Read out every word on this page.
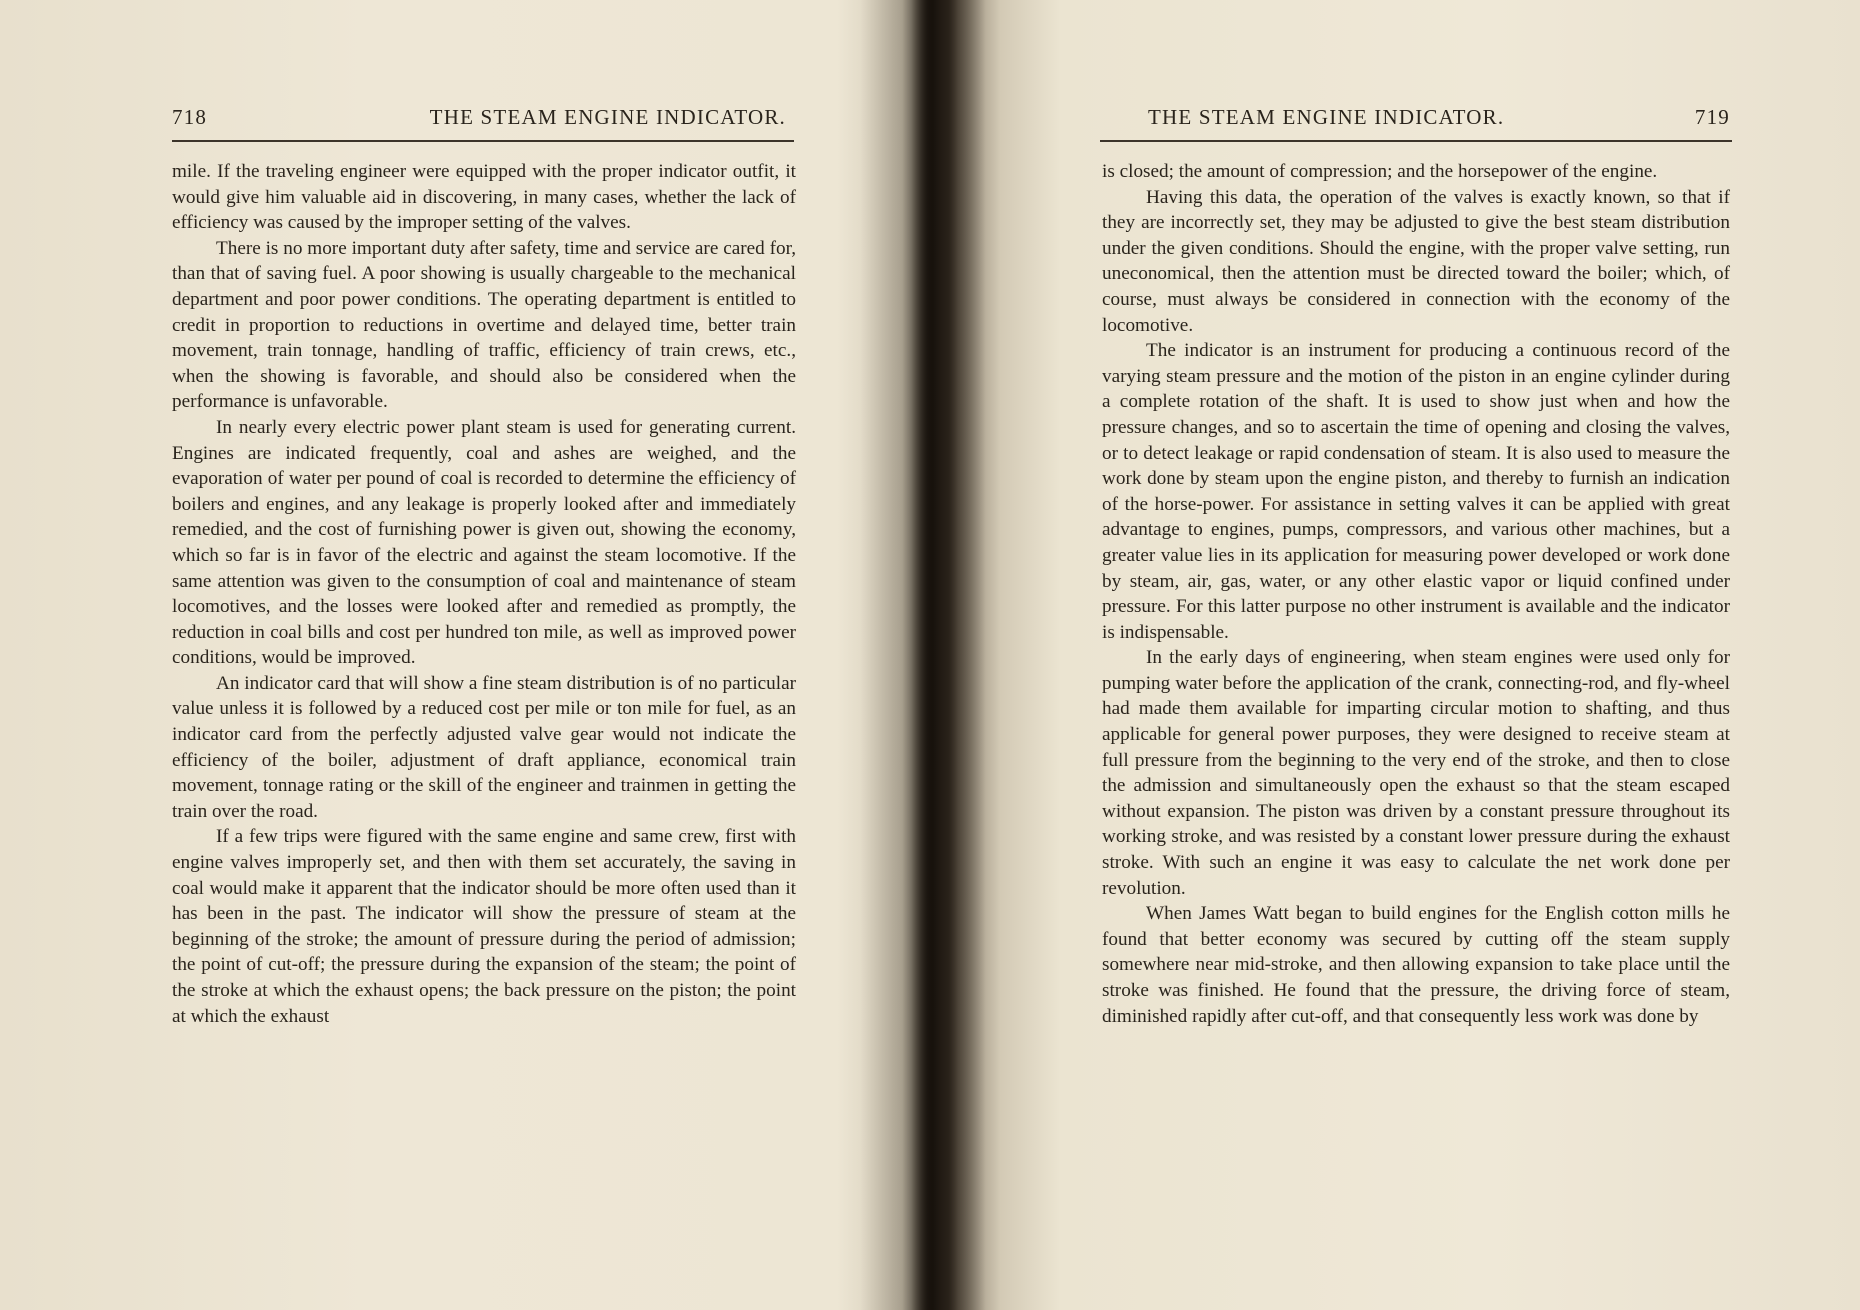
718	THE STEAM ENGINE INDICATOR.

mile. If the traveling engineer were equipped with the proper indicator outfit, it would give him valuable aid in discovering, in many cases, whether the lack of efficiency was caused by the improper setting of the valves.

There is no more important duty after safety, time and service are cared for, than that of saving fuel. A poor showing is usually chargeable to the mechanical department and poor power conditions. The operating department is entitled to credit in proportion to reductions in overtime and delayed time, better train movement, train tonnage, handling of traffic, efficiency of train crews, etc., when the showing is favorable, and should also be considered when the performance is unfavorable.

In nearly every electric power plant steam is used for generating current. Engines are indicated frequently, coal and ashes are weighed, and the evaporation of water per pound of coal is recorded to determine the efficiency of boilers and engines, and any leakage is properly looked after and immediately remedied, and the cost of furnishing power is given out, showing the economy, which so far is in favor of the electric and against the steam locomotive. If the same attention was given to the consumption of coal and maintenance of steam locomotives, and the losses were looked after and remedied as promptly, the reduction in coal bills and cost per hundred ton mile, as well as improved power conditions, would be improved.

An indicator card that will show a fine steam distribution is of no particular value unless it is followed by a reduced cost per mile or ton mile for fuel, as an indicator card from the perfectly adjusted valve gear would not indicate the efficiency of the boiler, adjustment of draft appliance, economical train movement, tonnage rating or the skill of the engineer and trainmen in getting the train over the road.

If a few trips were figured with the same engine and same crew, first with engine valves improperly set, and then with them set accurately, the saving in coal would make it apparent that the indicator should be more often used than it has been in the past. The indicator will show the pressure of steam at the beginning of the stroke; the amount of pressure during the period of admission; the point of cut-off; the pressure during the expansion of the steam; the point of the stroke at which the exhaust opens; the back pressure on the piston; the point at which the exhaust

THE STEAM ENGINE INDICATOR.	719

is closed; the amount of compression; and the horsepower of the engine.

Having this data, the operation of the valves is exactly known, so that if they are incorrectly set, they may be adjusted to give the best steam distribution under the given conditions. Should the engine, with the proper valve setting, run uneconomical, then the attention must be directed toward the boiler; which, of course, must always be considered in connection with the economy of the locomotive.

The indicator is an instrument for producing a continuous record of the varying steam pressure and the motion of the piston in an engine cylinder during a complete rotation of the shaft. It is used to show just when and how the pressure changes, and so to ascertain the time of opening and closing the valves, or to detect leakage or rapid condensation of steam. It is also used to measure the work done by steam upon the engine piston, and thereby to furnish an indication of the horse-power. For assistance in setting valves it can be applied with great advantage to engines, pumps, compressors, and various other machines, but a greater value lies in its application for measuring power developed or work done by steam, air, gas, water, or any other elastic vapor or liquid confined under pressure. For this latter purpose no other instrument is available and the indicator is indispensable.

In the early days of engineering, when steam engines were used only for pumping water before the application of the crank, connecting-rod, and fly-wheel had made them available for imparting circular motion to shafting, and thus applicable for general power purposes, they were designed to receive steam at full pressure from the beginning to the very end of the stroke, and then to close the admission and simultaneously open the exhaust so that the steam escaped without expansion. The piston was driven by a constant pressure throughout its working stroke, and was resisted by a constant lower pressure during the exhaust stroke. With such an engine it was easy to calculate the net work done per revolution.

When James Watt began to build engines for the English cotton mills he found that better economy was secured by cutting off the steam supply somewhere near mid-stroke, and then allowing expansion to take place until the stroke was finished. He found that the pressure, the driving force of steam, diminished rapidly after cut-off, and that consequently less work was done by
